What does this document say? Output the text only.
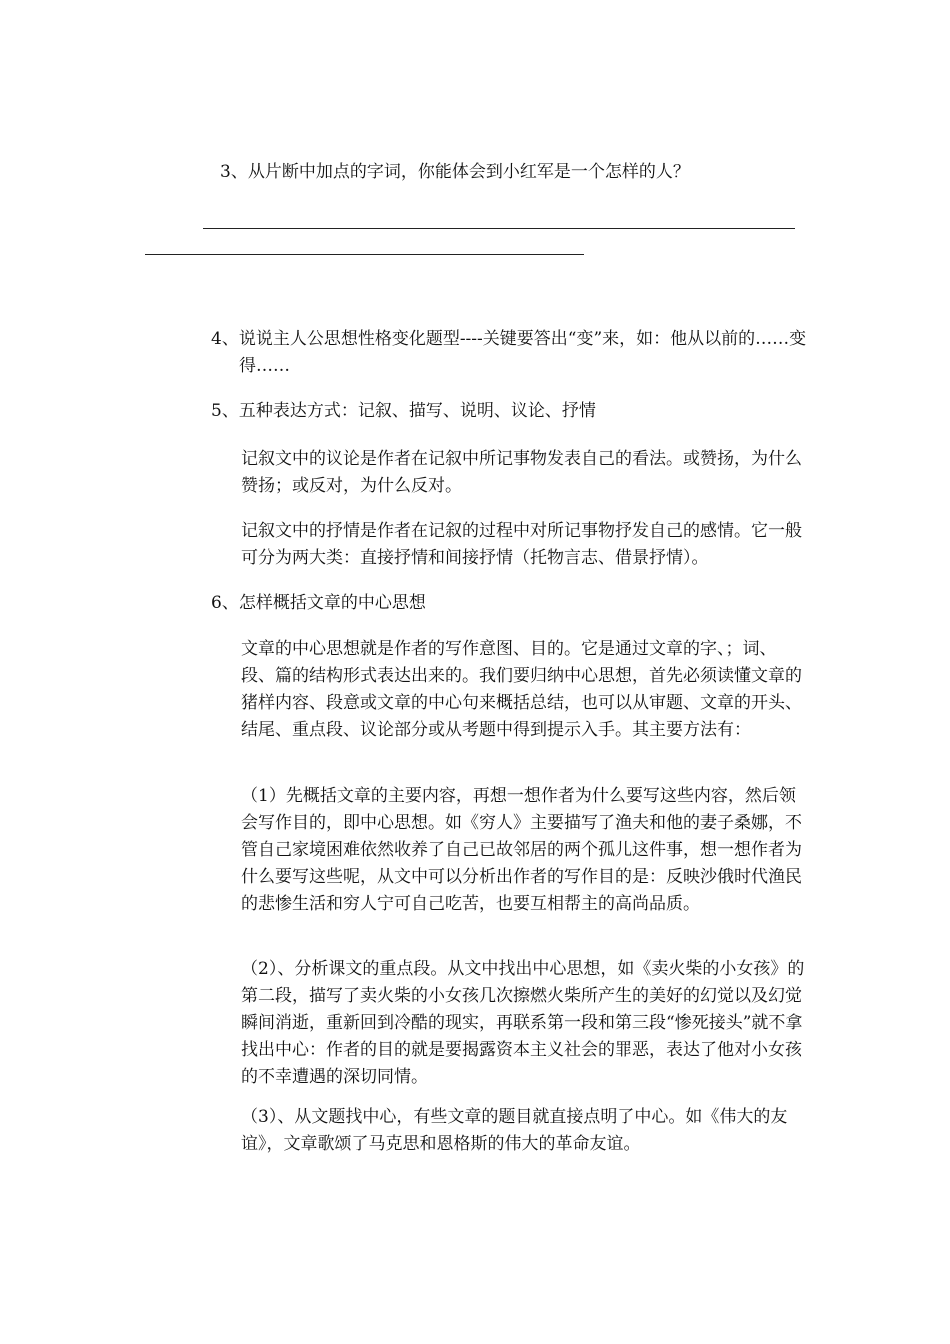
3、从片断中加点的字词，你能体会到小红军是一个怎样的人？

4、说说主人公思想性格变化题型----关键要答出“变”来，如：他从以前的……变得……

5、五种表达方式：记叙、描写、说明、议论、抒情

记叙文中的议论是作者在记叙中所记事物发表自己的看法。或赞扬，为什么赞扬；或反对，为什么反对。

记叙文中的抒情是作者在记叙的过程中对所记事物抒发自己的感情。它一般可分为两大类：直接抒情和间接抒情（托物言志、借景抒情）。

6、怎样概括文章的中心思想

文章的中心思想就是作者的写作意图、目的。它是通过文章的字、；词、段、篇的结构形式表达出来的。我们要归纳中心思想，首先必须读懂文章的猪样内容、段意或文章的中心句来概括总结，也可以从审题、文章的开头、结尾、重点段、议论部分或从考题中得到提示入手。其主要方法有：

（1）先概括文章的主要内容，再想一想作者为什么要写这些内容，然后领会写作目的，即中心思想。如《穷人》主要描写了渔夫和他的妻子桑娜，不管自己家境困难依然收养了自己已故邻居的两个孤儿这件事，想一想作者为什么要写这些呢，从文中可以分析出作者的写作目的是：反映沙俄时代渔民的悲惨生活和穷人宁可自己吃苦，也要互相帮主的高尚品质。

（2）、分析课文的重点段。从文中找出中心思想，如《卖火柴的小女孩》的第二段，描写了卖火柴的小女孩几次擦燃火柴所产生的美好的幻觉以及幻觉瞬间消逝，重新回到冷酷的现实，再联系第一段和第三段“惨死接头”就不拿找出中心：作者的目的就是要揭露资本主义社会的罪恶，表达了他对小女孩的不幸遭遇的深切同情。

（3）、从文题找中心，有些文章的题目就直接点明了中心。如《伟大的友谊》，文章歌颂了马克思和恩格斯的伟大的革命友谊。
